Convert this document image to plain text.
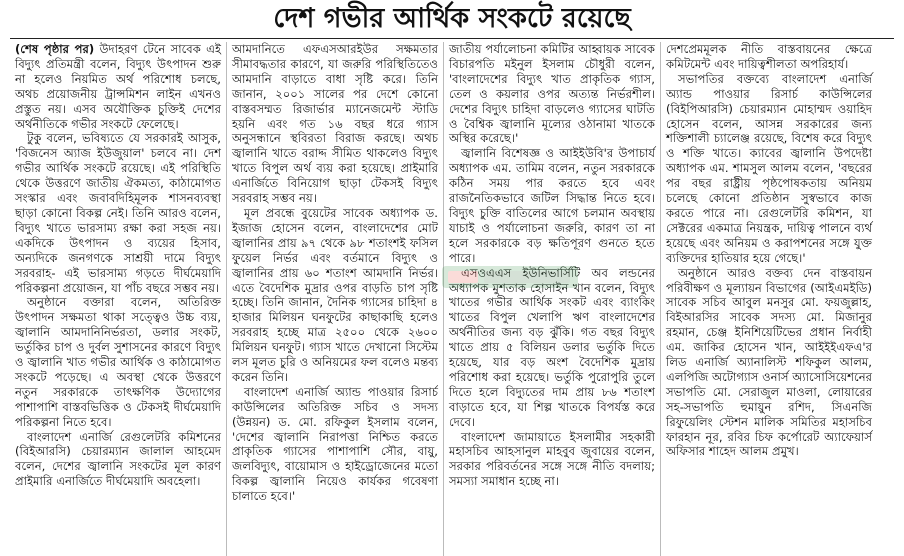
দেশ গভীর আর্থিক সংকটে রয়েছে

(শেষ পৃষ্ঠার পর) উদাহরণ টেনে সাবেক এই বিদ্যুৎ প্রতিমন্ত্রী বলেন, বিদ্যুৎ উৎপাদন শুরু না হলেও নিয়মিত অর্থ পরিশোধ চলছে, অথচ প্রয়োজনীয় ট্রান্সমিশন লাইন এখনও প্রস্তুত নয়। এসব অযৌক্তিক চুক্তিই দেশের অর্থনীতিকে গভীর সংকটে ফেলেছে।

টুকু বলেন, ভবিষ্যতে যে সরকারই আসুক, 'বিজনেস অ্যাজ ইউজুয়াল' চলবে না। দেশ গভীর আর্থিক সংকটে রয়েছে। এই পরিস্থিতি থেকে উত্তরণে জাতীয় ঐকমত্য, কাঠামোগত সংস্কার এবং জবাবদিহিমূলক শাসনব্যবস্থা ছাড়া কোনো বিকল্প নেই। তিনি আরও বলেন, বিদ্যুৎ খাতে ভারসাম্য রক্ষা করা সহজ নয়। একদিকে উৎপাদন ও ব্যয়ের হিসাব, অন্যদিকে জনগণকে সাশ্রয়ী দামে বিদ্যুৎ সরবরাহ- এই ভারসাম্য গড়তে দীর্ঘমেয়াদি পরিকল্পনা প্রয়োজন, যা পাঁচ বছরে সম্ভব নয়।

অনুষ্ঠানে বক্তারা বলেন, অতিরিক্ত উৎপাদন সক্ষমতা থাকা সত্ত্বেও উচ্চ ব্যয়, জ্বালানি আমদানিনির্ভরতা, ডলার সংকট, ভর্তুকির চাপ ও দুর্বল সুশাসনের কারণে বিদ্যুৎ ও জ্বালানি খাত গভীর আর্থিক ও কাঠামোগত সংকটে পড়েছে। এ অবস্থা থেকে উত্তরণে নতুন সরকারকে তাৎক্ষণিক উদ্যোগের পাশাপাশি বাস্তবভিত্তিক ও টেকসই দীর্ঘমেয়াদি পরিকল্পনা নিতে হবে।

বাংলাদেশ এনার্জি রেগুলেটরি কমিশনের (বিইআরসি) চেয়ারম্যান জালাল আহমেদ বলেন, দেশের জ্বালানি সংকটের মূল কারণ প্রাইমারি এনার্জিতে দীর্ঘমেয়াদি অবহেলা।

আমদানিতে এফএসআরইউর সক্ষমতার সীমাবদ্ধতার কারণে, যা জরুরি পরিস্থিতিতেও আমদানি বাড়াতে বাধা সৃষ্টি করে। তিনি জানান, ২০০১ সালের পর দেশে কোনো বাস্তবসম্মত রিজার্ভার ম্যানেজমেন্ট স্টাডি হয়নি এবং গত ১৬ বছর ধরে গ্যাস অনুসন্ধানে স্থবিরতা বিরাজ করছে। অথচ জ্বালানি খাতে বরাদ্দ সীমিত থাকলেও বিদ্যুৎ খাতে বিপুল অর্থ ব্যয় করা হয়েছে। প্রাইমারি এনার্জিতে বিনিয়োগ ছাড়া টেকসই বিদ্যুৎ সরবরাহ সম্ভব নয়।

মূল প্রবন্ধে বুয়েটের সাবেক অধ্যাপক ড. ইজাজ হোসেন বলেন, বাংলাদেশের মোট জ্বালানির প্রায় ৯৭ থেকে ৯৮ শতাংশই ফসিল ফুয়েল নির্ভর এবং বর্তমানে বিদ্যুৎ ও জ্বালানির প্রায় ৬০ শতাংশ আমদানি নির্ভর। এতে বৈদেশিক মুদ্রার ওপর বাড়তি চাপ সৃষ্টি হচ্ছে। তিনি জানান, দৈনিক গ্যাসের চাহিদা ৪ হাজার মিলিয়ন ঘনফুটের কাছাকাছি হলেও সরবরাহ হচ্ছে মাত্র ২৫০০ থেকে ২৬০০ মিলিয়ন ঘনফুট। গ্যাস খাতে দেখানো সিস্টেম লস মূলত চুরি ও অনিয়মের ফল বলেও মন্তব্য করেন তিনি।

বাংলাদেশ এনার্জি অ্যান্ড পাওয়ার রিসার্চ কাউন্সিলের অতিরিক্ত সচিব ও সদস্য (উন্নয়ন) ড. মো. রফিকুল ইসলাম বলেন, 'দেশের জ্বালানি নিরাপত্তা নিশ্চিত করতে প্রাকৃতিক গ্যাসের পাশাপাশি সৌর, বায়ু, জলবিদ্যুৎ, বায়োমাস ও হাইড্রোজেনের মতো বিকল্প জ্বালানি নিয়েও কার্যকর গবেষণা চালাতে হবে।'

জাতীয় পর্যালোচনা কমিটির আহ্বায়ক সাবেক বিচারপতি মইনুল ইসলাম চৌধুরী বলেন, 'বাংলাদেশের বিদ্যুৎ খাত প্রাকৃতিক গ্যাস, তেল ও কয়লার ওপর অত্যন্ত নির্ভরশীল। দেশের বিদ্যুৎ চাহিদা বাড়লেও গ্যাসের ঘাটতি ও বৈশ্বিক জ্বালানি মূল্যের ওঠানামা খাতকে অস্থির করেছে।'

জ্বালানি বিশেষজ্ঞ ও আইইউবি'র উপাচার্য অধ্যাপক এম. তামিম বলেন, নতুন সরকারকে কঠিন সময় পার করতে হবে এবং রাজনৈতিকভাবে জটিল সিদ্ধান্ত নিতে হবে। বিদ্যুৎ চুক্তি বাতিলের আগে চলমান অবস্থায় যাচাই ও পর্যালোচনা জরুরি, কারণ তা না হলে সরকারকে বড় ক্ষতিপূরণ গুনতে হতে পারে।

এসওএএস ইউনিভার্সিটি অব লন্ডনের অধ্যাপক মুশতাক হোসাইন খান বলেন, বিদ্যুৎ খাতের গভীর আর্থিক সংকট এবং ব্যাংকিং খাতের বিপুল খেলাপি ঋণ বাংলাদেশের অর্থনীতির জন্য বড় ঝুঁকি। গত বছর বিদ্যুৎ খাতে প্রায় ৫ বিলিয়ন ডলার ভর্তুকি দিতে হয়েছে, যার বড় অংশ বৈদেশিক মুদ্রায় পরিশোধ করা হয়েছে। ভর্তুকি পুরোপুরি তুলে দিতে হলে বিদ্যুতের দাম প্রায় ৮৬ শতাংশ বাড়াতে হবে, যা শিল্প খাতকে বিপর্যস্ত করে দেবে।

বাংলাদেশ জামায়াতে ইসলামীর সহকারী মহাসচিব আহসানুল মাহবুব জুবায়ের বলেন, সরকার পরিবর্তনের সঙ্গে সঙ্গে নীতি বদলায়; সমস্যা সমাধান হচ্ছে না।

দেশপ্রেমমূলক নীতি বাস্তবায়নের ক্ষেত্রে কমিটমেন্ট এবং দায়িত্বশীলতা অপরিহার্য।

সভাপতির বক্তব্যে বাংলাদেশ এনার্জি অ্যান্ড পাওয়ার রিসার্চ কাউন্সিলের (বিইপিআরসি) চেয়ারম্যান মোহাম্মদ ওয়াহিদ হোসেন বলেন, আসন্ন সরকারের জন্য শক্তিশালী চ্যালেঞ্জ রয়েছে, বিশেষ করে বিদ্যুৎ ও শক্তি খাতে। ক্যাবের জ্বালানি উপদেষ্টা অধ্যাপক এম. শামসুল আলম বলেন, 'বছরের পর বছর রাষ্ট্রীয় পৃষ্ঠপোষকতায় অনিয়ম চলেছে কোনো প্রতিষ্ঠান সুস্বভাবে কাজ করতে পারে না। রেগুলেটরি কমিশন, যা সেক্টরের একমাত্র নিয়ন্ত্রক, দায়িত্ব পালনে ব্যর্থ হয়েছে এবং অনিয়ম ও করাপশনের সঙ্গে যুক্ত ব্যক্তিদের হাতিয়ার হয়ে গেছে।'

অনুষ্ঠানে আরও বক্তব্য দেন বাস্তবায়ন পরিবীক্ষণ ও মূল্যায়ন বিভাগের (আইএমইডি) সাবেক সচিব আবুল মনসুর মো. ফয়জুল্লাহ, বিইআরসির সাবেক সদস্য মো. মিজানুর রহমান, চেঞ্জ ইনিশিয়েটিভের প্রধান নির্বাহী এম. জাকির হোসেন খান, আইইইএফএ'র লিড এনার্জি অ্যানালিস্ট শফিকুল আলম, এলপিজি অটোগ্যাস ওনার্স অ্যাসোসিয়েশনের সভাপতি মো. সেরাজুল মাওলা, লোয়ারের সহ-সভাপতি হুমায়ুন রশিদ, সিএনজি রিফুয়েলিং স্টেশন মালিক সমিতির মহাসচিব ফারহান নূর, রবির চিফ কর্পোরেট অ্যাফেয়ার্স অফিসার শাহেদ আলম প্রমুখ।
